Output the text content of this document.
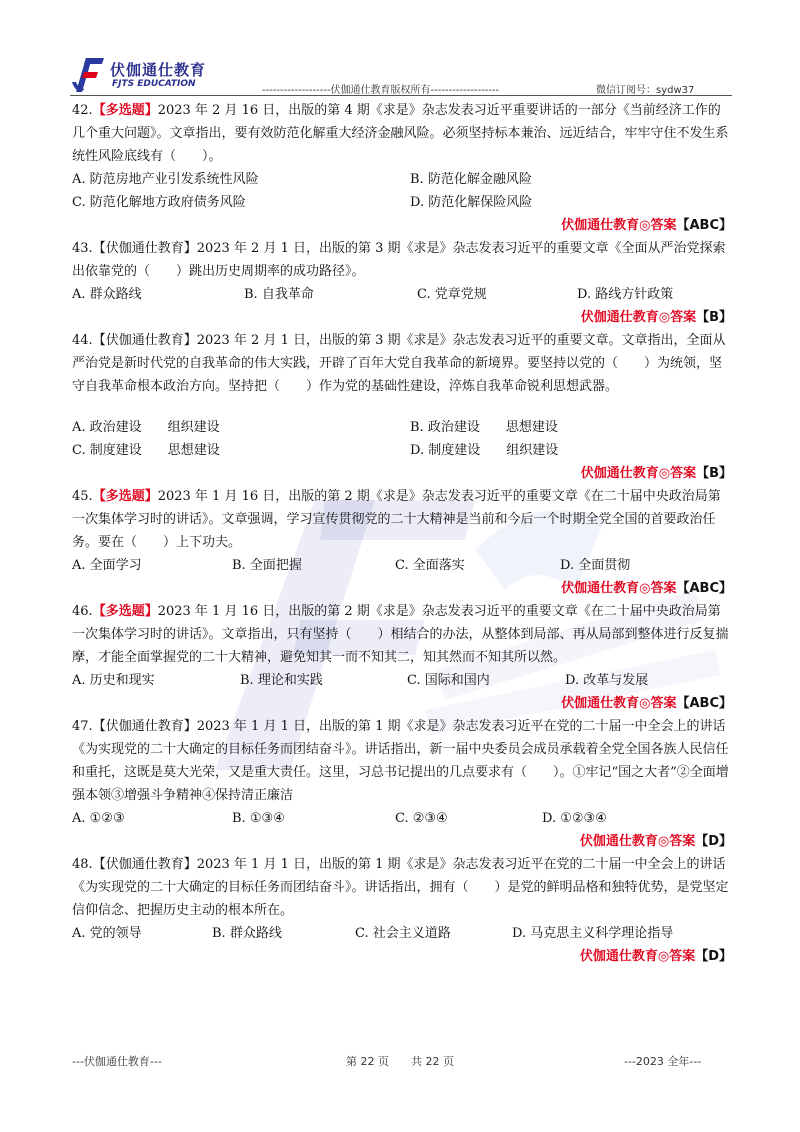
伏伽通仕教育
FJTS EDUCATION
-------------------伏伽通仕教育版权所有-------------------	微信订阅号：sydw37

42.【多选题】2023 年 2 月 16 日，出版的第 4 期《求是》杂志发表习近平重要讲话的一部分《当前经济工作的几个重大问题》。文章指出，要有效防范化解重大经济金融风险。必须坚持标本兼治、远近结合，牢牢守住不发生系统性风险底线有（　　）。

A. 防范房地产业引发系统性风险	B. 防范化解金融风险
C. 防范化解地方政府债务风险	D. 防范化解保险风险
伏伽通仕教育◎答案【ABC】

43.【伏伽通仕教育】2023 年 2 月 1 日，出版的第 3 期《求是》杂志发表习近平的重要文章《全面从严治党探索出依靠党的（　　）跳出历史周期率的成功路径》。

A. 群众路线	B. 自我革命	C. 党章党规	D. 路线方针政策
伏伽通仕教育◎答案【B】

44.【伏伽通仕教育】2023 年 2 月 1 日，出版的第 3 期《求是》杂志发表习近平的重要文章。文章指出，全面从严治党是新时代党的自我革命的伟大实践，开辟了百年大党自我革命的新境界。要坚持以党的（　　）为统领，坚守自我革命根本政治方向。坚持把（　　）作为党的基础性建设，淬炼自我革命锐利思想武器。

A. 政治建设　　组织建设	B. 政治建设　　思想建设
C. 制度建设　　思想建设	D. 制度建设　　组织建设
伏伽通仕教育◎答案【B】

45.【多选题】2023 年 1 月 16 日，出版的第 2 期《求是》杂志发表习近平的重要文章《在二十届中央政治局第一次集体学习时的讲话》。文章强调，学习宣传贯彻党的二十大精神是当前和今后一个时期全党全国的首要政治任务。要在（　　）上下功夫。

A. 全面学习	B. 全面把握	C. 全面落实	D. 全面贯彻
伏伽通仕教育◎答案【ABC】

46.【多选题】2023 年 1 月 16 日，出版的第 2 期《求是》杂志发表习近平的重要文章《在二十届中央政治局第一次集体学习时的讲话》。文章指出，只有坚持（　　）相结合的办法，从整体到局部、再从局部到整体进行反复揣摩，才能全面掌握党的二十大精神，避免知其一而不知其二，知其然而不知其所以然。

A. 历史和现实	B. 理论和实践	C. 国际和国内	D. 改革与发展
伏伽通仕教育◎答案【ABC】

47.【伏伽通仕教育】2023 年 1 月 1 日，出版的第 1 期《求是》杂志发表习近平在党的二十届一中全会上的讲话《为实现党的二十大确定的目标任务而团结奋斗》。讲话指出，新一届中央委员会成员承载着全党全国各族人民信任和重托，这既是莫大光荣，又是重大责任。这里，习总书记提出的几点要求有（　　）。①牢记“国之大者”②全面增强本领③增强斗争精神④保持清正廉洁

A. ①②③	B. ①③④	C. ②③④	D. ①②③④
伏伽通仕教育◎答案【D】

48.【伏伽通仕教育】2023 年 1 月 1 日，出版的第 1 期《求是》杂志发表习近平在党的二十届一中全会上的讲话《为实现党的二十大确定的目标任务而团结奋斗》。讲话指出，拥有（　　）是党的鲜明品格和独特优势，是党坚定信仰信念、把握历史主动的根本所在。

A. 党的领导	B. 群众路线	C. 社会主义道路	D. 马克思主义科学理论指导
伏伽通仕教育◎答案【D】
---伏伽通仕教育---	第 22 页　　共 22 页	---2023 全年---
